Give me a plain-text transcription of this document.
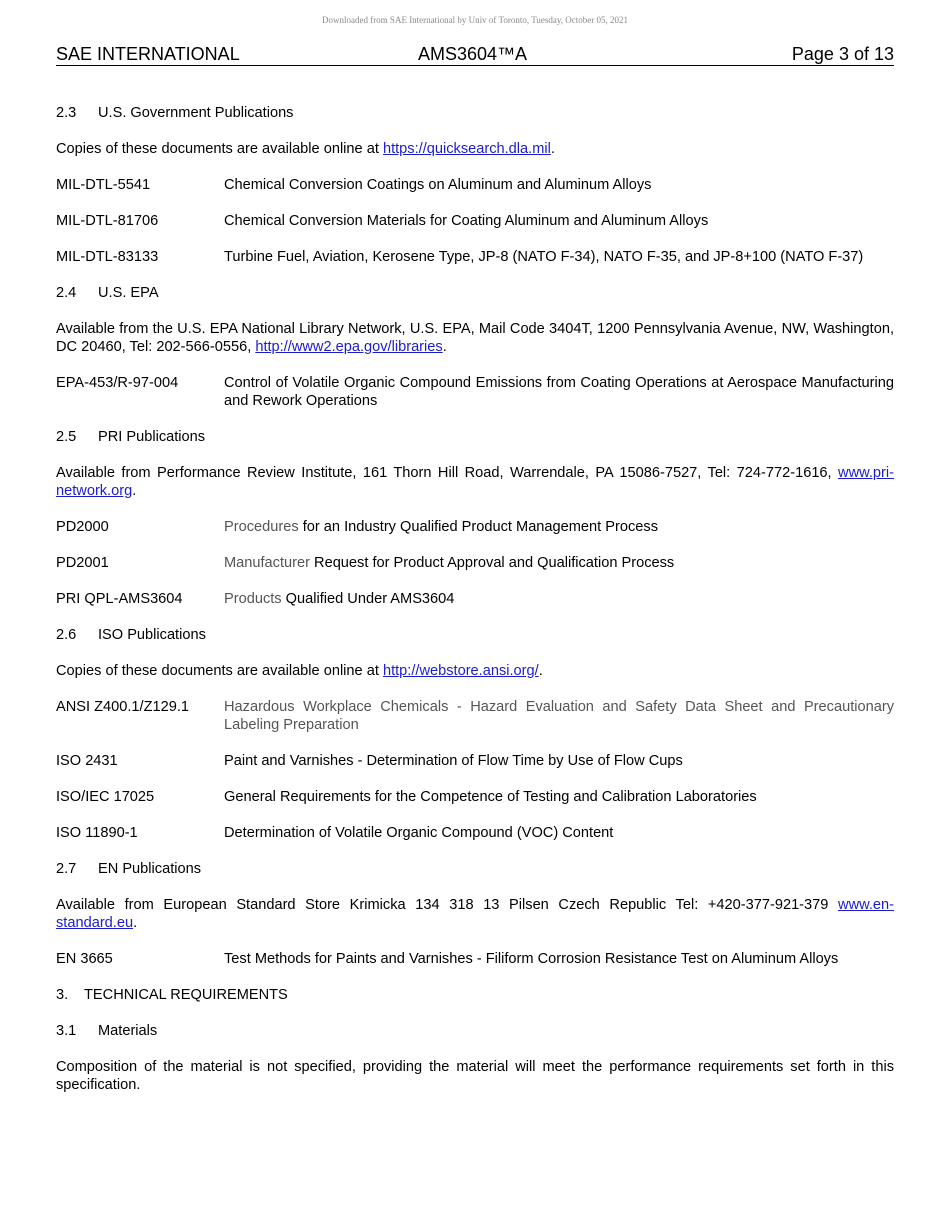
Downloaded from SAE International by Univ of Toronto, Tuesday, October 05, 2021
SAE INTERNATIONAL	AMS3604™A	Page 3 of 13
2.3 U.S. Government Publications

Copies of these documents are available online at https://quicksearch.dla.mil.

MIL-DTL-5541	Chemical Conversion Coatings on Aluminum and Aluminum Alloys
MIL-DTL-81706	Chemical Conversion Materials for Coating Aluminum and Aluminum Alloys
MIL-DTL-83133	Turbine Fuel, Aviation, Kerosene Type, JP-8 (NATO F-34), NATO F-35, and JP-8+100 (NATO F-37)
2.4 U.S. EPA

Available from the U.S. EPA National Library Network, U.S. EPA, Mail Code 3404T, 1200 Pennsylvania Avenue, NW, Washington, DC 20460, Tel: 202-566-0556, http://www2.epa.gov/libraries.

EPA-453/R-97-004	Control of Volatile Organic Compound Emissions from Coating Operations at Aerospace Manufacturing and Rework Operations
2.5 PRI Publications

Available from Performance Review Institute, 161 Thorn Hill Road, Warrendale, PA 15086-7527, Tel: 724-772-1616, www.pri-network.org.

PD2000	Procedures for an Industry Qualified Product Management Process
PD2001	Manufacturer Request for Product Approval and Qualification Process
PRI QPL-AMS3604	Products Qualified Under AMS3604
2.6 ISO Publications

Copies of these documents are available online at http://webstore.ansi.org/.

ANSI Z400.1/Z129.1	Hazardous Workplace Chemicals - Hazard Evaluation and Safety Data Sheet and Precautionary Labeling Preparation
ISO 2431	Paint and Varnishes - Determination of Flow Time by Use of Flow Cups
ISO/IEC 17025	General Requirements for the Competence of Testing and Calibration Laboratories
ISO 11890-1	Determination of Volatile Organic Compound (VOC) Content
2.7 EN Publications

Available from European Standard Store Krimicka 134 318 13 Pilsen Czech Republic Tel: +420-377-921-379 www.en-standard.eu.

EN 3665	Test Methods for Paints and Varnishes - Filiform Corrosion Resistance Test on Aluminum Alloys
3. TECHNICAL REQUIREMENTS
3.1 Materials

Composition of the material is not specified, providing the material will meet the performance requirements set forth in this specification.
